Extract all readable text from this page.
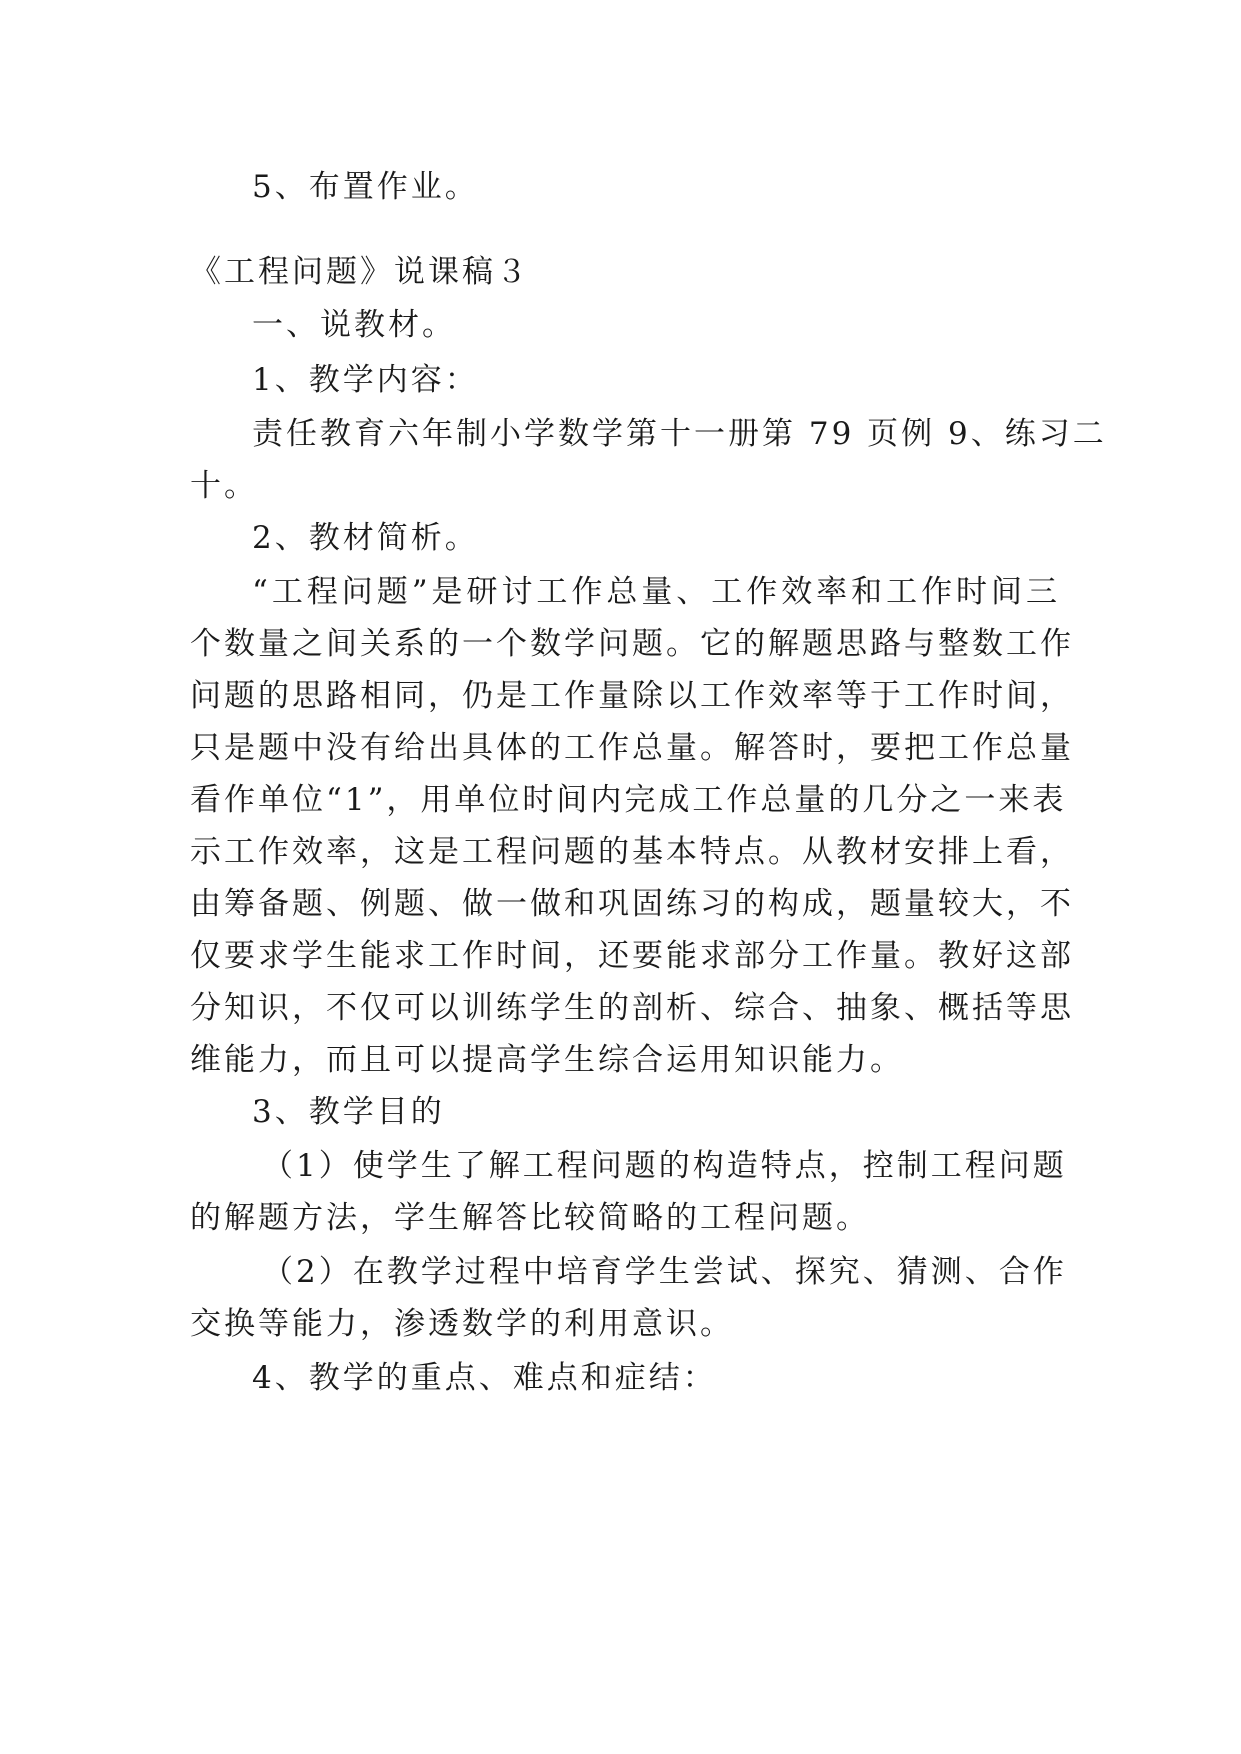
5、布置作业。
《工程问题》说课稿３
一、说教材。
1、教学内容：
责任教育六年制小学数学第十一册第 79 页例 9、练习二
十。
2、教材简析。
“工程问题”是研讨工作总量、工作效率和工作时间三
个数量之间关系的一个数学问题。它的解题思路与整数工作
问题的思路相同，仍是工作量除以工作效率等于工作时间，
只是题中没有给出具体的工作总量。解答时，要把工作总量
看作单位“1”，用单位时间内完成工作总量的几分之一来表
示工作效率，这是工程问题的基本特点。从教材安排上看，
由筹备题、例题、做一做和巩固练习的构成，题量较大，不
仅要求学生能求工作时间，还要能求部分工作量。教好这部
分知识，不仅可以训练学生的剖析、综合、抽象、概括等思
维能力，而且可以提高学生综合运用知识能力。
3、教学目的
（1）使学生了解工程问题的构造特点，控制工程问题
的解题方法，学生解答比较简略的工程问题。
（2）在教学过程中培育学生尝试、探究、猜测、合作
交换等能力，渗透数学的利用意识。
4、教学的重点、难点和症结：
